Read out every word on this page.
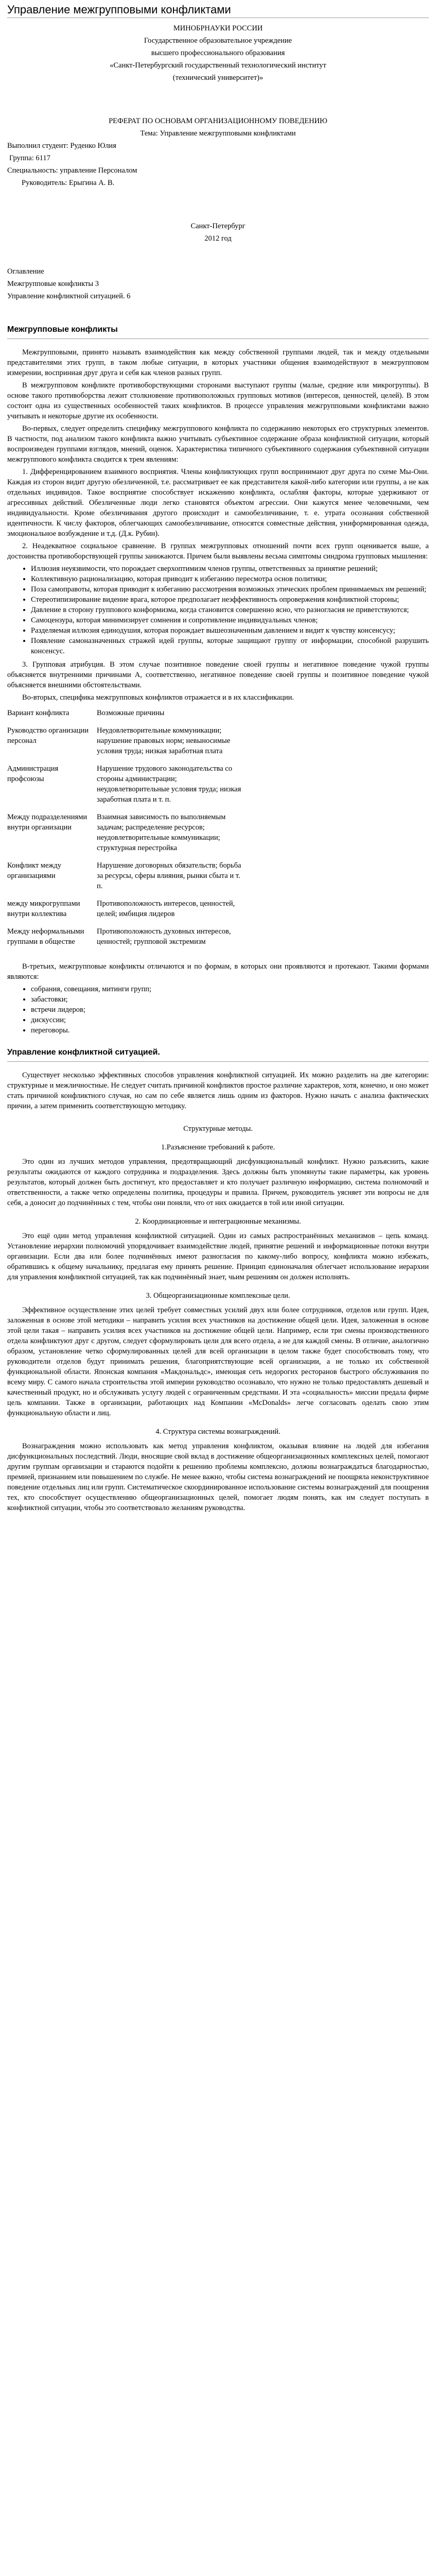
Управление межгрупповыми конфликтами

МИНОБРНАУКИ РОССИИ

Государственное образовательное учреждение

высшего профессионального образования

«Санкт-Петербургский государственный технологический институт

(технический университет)»

РЕФЕРАТ ПО ОСНОВАМ ОРГАНИЗАЦИОННОМУ ПОВЕДЕНИЮ

Тема: Управление межгрупповыми конфликтами

Выполнил студент: Руденко Юлия

Группа: 6117

Специальность: управление Персоналом

Руководитель: Ерыгина А. В.

Санкт-Петербург

2012 год

Оглавление

Межгрупповые конфликты 3

Управление конфликтной ситуацией. 6

Межгрупповые конфликты

Межгрупповыми, принято называть взаимодействия как между собственной группами людей, так и между отдельными представителями этих групп, в таком любые ситуации, в которых участники общения взаимодействуют в межгрупповом измерении, восприниая друг друга и себя как членов разных групп.

В межгрупповом конфликте противоборствующими сторонами выступают группы (малые, средние или микрогруппы). В основе такого противоборства лежит столкновение противоположных групповых мотивов (интересов, ценностей, целей). В этом состоит одна из существенных особенностей таких конфликтов. В процессе управления межгрупповыми конфликтами важно учитывать и некоторые другие их особенности.

Во-первых, следует определить специфику межгруппового конфликта по содержанию некоторых его структурных элементов. В частности, под анализом такого конфликта важно учитывать субъективное содержание образа конфликтной ситуации, который воспроизведен группами взглядов, мнений, оценок. Характеристика типичного субъективного содержания субъективной ситуации межгруппового конфликта сводится к трем явлениям:

1. Дифференцированием взаимного восприятия. Члены конфликтующих групп воспринимают друг друга по схеме Мы-Они. Каждая из сторон видит другую обезличенной, т.е. рассматривает ее как представителя какой-либо категории или группы, а не как отдельных индивидов. Такое восприятие способствует искажению конфликта, ослабляя факторы, которые удерживают от агрессивных действий. Обезличенные люди легко становятся объектом агрессии. Они кажутся менее человечными, чем индивидуальности. Кроме обезличивания другого происходит и самообезличивание, т. е. утрата осознания собственной идентичности. К числу факторов, облегчающих самообезличивание, относятся совместные действия, униформированная одежда, эмоциональное возбуждение и т.д. (Д.к. Рубин).

2. Неадекватное социальное сравнение. В группах межгрупповых отношений почти всех групп оценивается выше, а достоинства противоборствующей группы занижаются. Причем были выявлены весьма симптомы синдрома групповых мышления:

• Иллюзия неуязвимости, что порождает сверхоптимизм членов группы, ответственных за принятие решений;
• Коллективную рационализацию, которая приводит к избеганию пересмотра основ политики;
• Поза самоправоты, которая приводит к избеганию рассмотрения возможных этических проблем принимаемых им решений;
• Стереотипизирование видение врага, которое предполагает неэффективность опровержения конфликтной стороны;
• Давление в сторону группового конформизма, когда становится совершенно ясно, что разногласия не приветствуются;
• Самоцензура, которая минимизирует сомнения и сопротивление индивидуальных членов;
• Разделяемая иллюзия единодушия, которая порождает вышеозначенным давлением и видит к чувству консенсусу;
• Появление самоназначенных стражей идей группы, которые защищают группу от информации, способной разрушить консенсус.

3. Групповая атрибуция. В этом случае позитивное поведение своей группы и негативное поведение чужой группы объясняется внутренними причинами А, соответственно, негативное поведение своей группы и позитивное поведение чужой объясняется внешними обстоятельствами.

Во-вторых, специфика межгрупповых конфликтов отражается и в их классификации.

Вариант конфликта	Возможные причины
Руководство организации персонал	Неудовлетворительные коммуникации; нарушение правовых норм; невыносимые условия труда; низкая заработная плата
Администрация профсоюзы	Нарушение трудового законодательства со стороны администрации; неудовлетворительные условия труда; низкая заработная плата и т. п.
Между подразделениями внутри организации	Взаимная зависимость по выполняемым задачам; распределение ресурсов; неудовлетворительные коммуникации; структурная перестройка
Конфликт между организациями	Нарушение договорных обязательств; борьба за ресурсы, сферы влияния, рынки сбыта и т. п.
между микрогруппами внутри коллектива	Противоположность интересов, ценностей, целей; имбиция лидеров
Между неформальными группами в обществе	Противоположность духовных интересов, ценностей; групповой экстремизм

В-третьих, межгрупповые конфликты отличаются и по формам, в которых они проявляются и протекают. Такими формами являются:

• собрания, совещания, митинги групп;
• забастовки;
• встречи лидеров;
• дискуссии;
• переговоры.
Управление конфликтной ситуацией.

Существует несколько эффективных способов управления конфликтной ситуацией. Их можно разделить на две категории: структурные и межличностные. Не следует считать причиной конфликтов простое различие характеров, хотя, конечно, и оно может стать причиной конфликтного случая, но сам по себе является лишь одним из факторов. Нужно начать с анализа фактических причин, а затем применить соответствующую методику.

Структурные методы.

1.Разъяснение требований к работе.

Это один из лучших методов управления, предотвращающий дисфункциональный конфликт. Нужно разъяснить, какие результаты ожидаются от каждого сотрудника и подразделения. Здесь должны быть упомянуты такие параметры, как уровень результатов, который должен быть достигнут, кто предоставляет и кто получает различную информацию, система полномочий и ответственности, а также четко определены политика, процедуры и правила. Причем, руководитель уясняет эти вопросы не для себя, а доносит до подчинённых с тем, чтобы они поняли, что от них ожидается в той или иной ситуации.

2. Координационные и интеграционные механизмы.

Это ещё один метод управления конфликтной ситуацией. Один из самых распространённых механизмов – цепь команд. Установление иерархии полномочий упорядочивает взаимодействие людей, принятие решений и информационные потоки внутри организации. Если два или более подчинённых имеют разногласия по какому-либо вопросу, конфликта можно избежать, обратившись к общему начальнику, предлагая ему принять решение. Принцип единоначалия облегчает использование иерархии для управления конфликтной ситуацией, так как подчинённый знает, чьим решениям он должен исполнять.

3. Общеорганизационные комплексные цели.

Эффективное осуществление этих целей требует совместных усилий двух или более сотрудников, отделов или групп. Идея, заложенная в основе этой методики – направить усилия всех участников на достижение общей цели. Идея, заложенная в основе этой цели такая – направить усилия всех участников на достижение общей цели. Например, если три смены производственного отдела конфликтуют друг с другом, следует сформулировать цели для всего отдела, а не для каждой смены. В отличие, аналогично образом, установление четко сформулированных целей для всей организации в целом также будет способствовать тому, что руководители отделов будут принимать решения, благоприятствующие всей организации, а не только их собственной функциональной области. Японская компания «Макдональдс», имеющая сеть недорогих ресторанов быстрого обслуживания по всему миру. С самого начала строительства этой империи руководство осознавало, что нужно не только предоставлять дешевый и качественный продукт, но и обслуживать услугу людей с ограниченным средствами. И эта «социальность» миссии предала фирме цель компании. Также в организации, работающих над Компании «McDonalds» легче согласовать оделать свою этим функциональную области и лиц.

4. Структура системы вознаграждений.

Вознаграждения можно использовать как метод управления конфликтом, оказывая влияние на людей для избегания дисфункциональных последствий. Люди, вносящие свой вклад в достижение общеорганизационных комплексных целей, помогают другим группам организации и стараются подойти к решению проблемы комплексно, должны вознаграждаться благодарностью, премией, признанием или повышением по службе. Не менее важно, чтобы система вознаграждений не поощряла неконструктивное поведение отдельных лиц или групп. Систематическое скоординированное использование системы вознаграждений для поощрения тех, кто способствует осуществлению общеорганизационных целей, помогает людям понять, как им следует поступать в конфликтной ситуации, чтобы это соответствовало желаниям руководства.
